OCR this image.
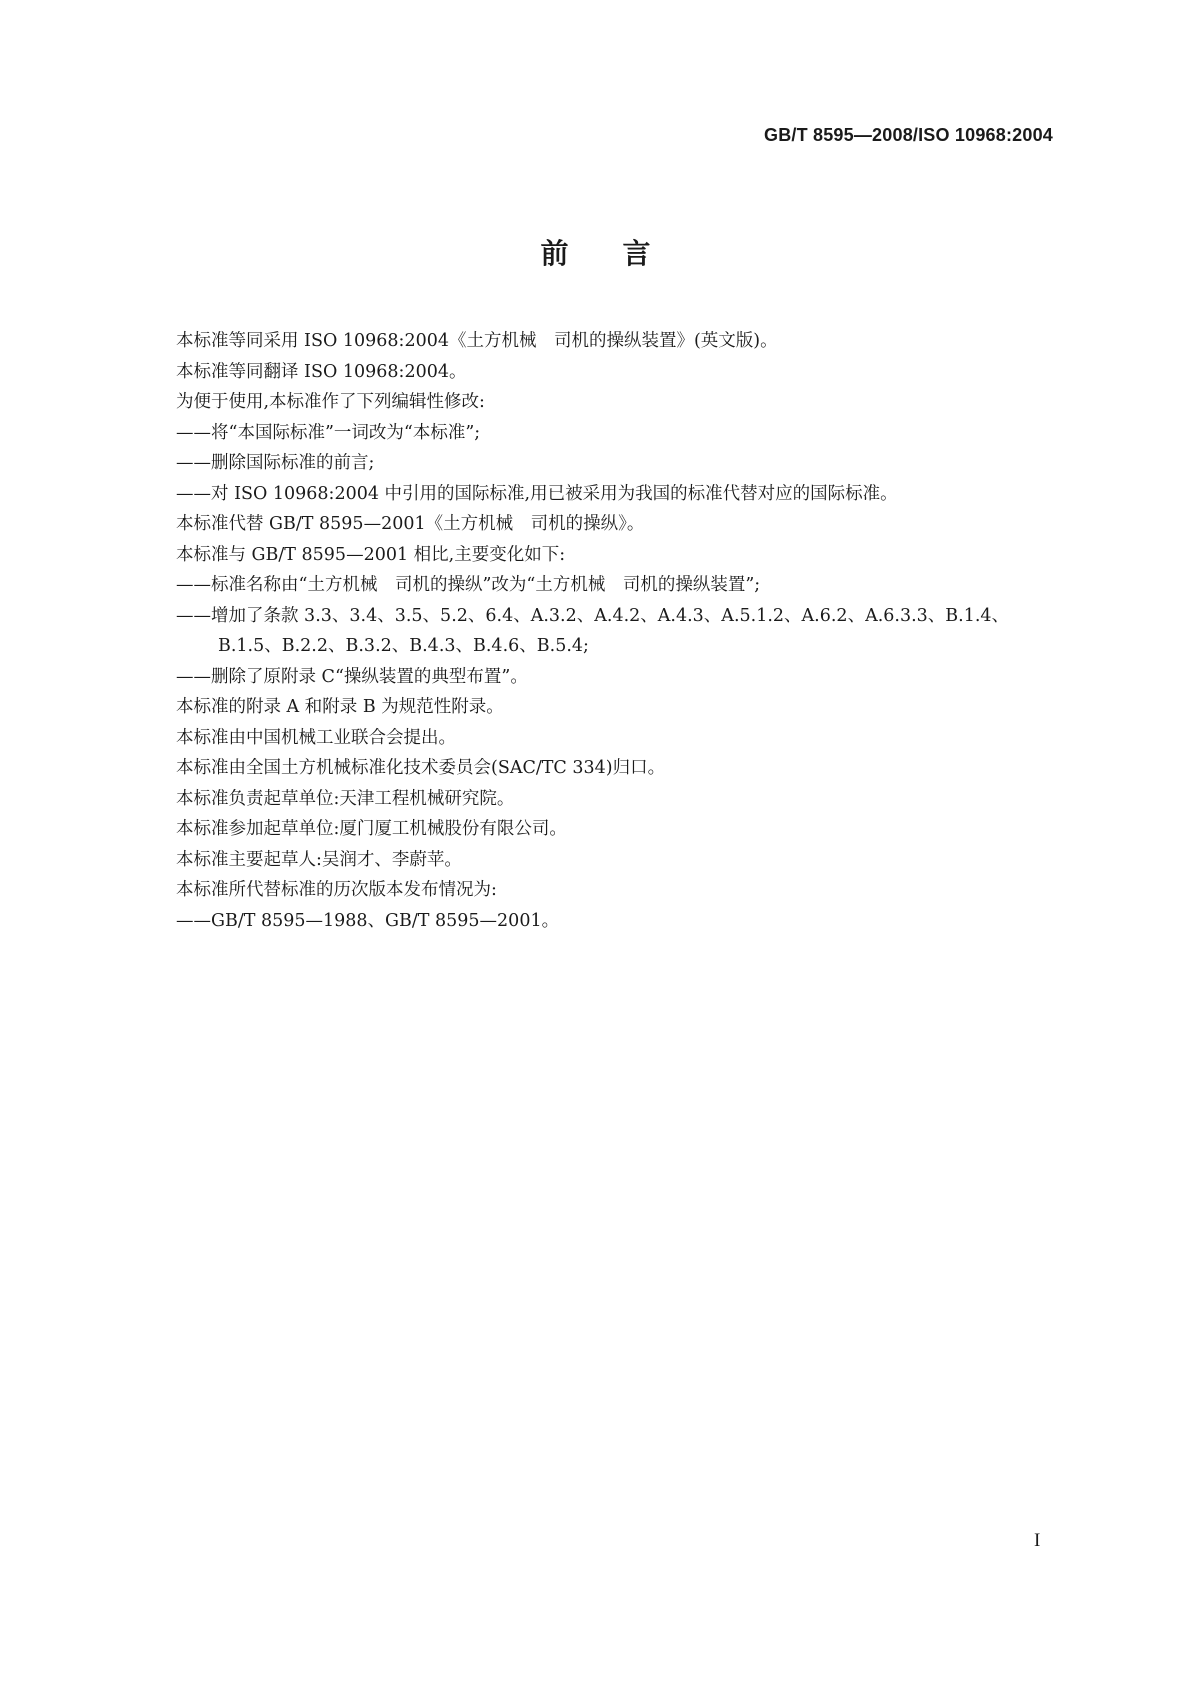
GB/T 8595—2008/ISO 10968:2004
前言
本标准等同采用 ISO 10968:2004《土方机械　司机的操纵装置》(英文版)。
本标准等同翻译 ISO 10968:2004。
为便于使用,本标准作了下列编辑性修改:
——将“本国际标准”一词改为“本标准”;
——删除国际标准的前言;
——对 ISO 10968:2004 中引用的国际标准,用已被采用为我国的标准代替对应的国际标准。
本标准代替 GB/T 8595—2001《土方机械　司机的操纵》。
本标准与 GB/T 8595—2001 相比,主要变化如下:
——标准名称由“土方机械　司机的操纵”改为“土方机械　司机的操纵装置”;
——增加了条款 3.3、3.4、3.5、5.2、6.4、A.3.2、A.4.2、A.4.3、A.5.1.2、A.6.2、A.6.3.3、B.1.4、
B.1.5、B.2.2、B.3.2、B.4.3、B.4.6、B.5.4;
——删除了原附录 C“操纵装置的典型布置”。
本标准的附录 A 和附录 B 为规范性附录。
本标准由中国机械工业联合会提出。
本标准由全国土方机械标准化技术委员会(SAC/TC 334)归口。
本标准负责起草单位:天津工程机械研究院。
本标准参加起草单位:厦门厦工机械股份有限公司。
本标准主要起草人:吴润才、李蔚苹。
本标准所代替标准的历次版本发布情况为:
——GB/T 8595—1988、GB/T 8595—2001。
I
